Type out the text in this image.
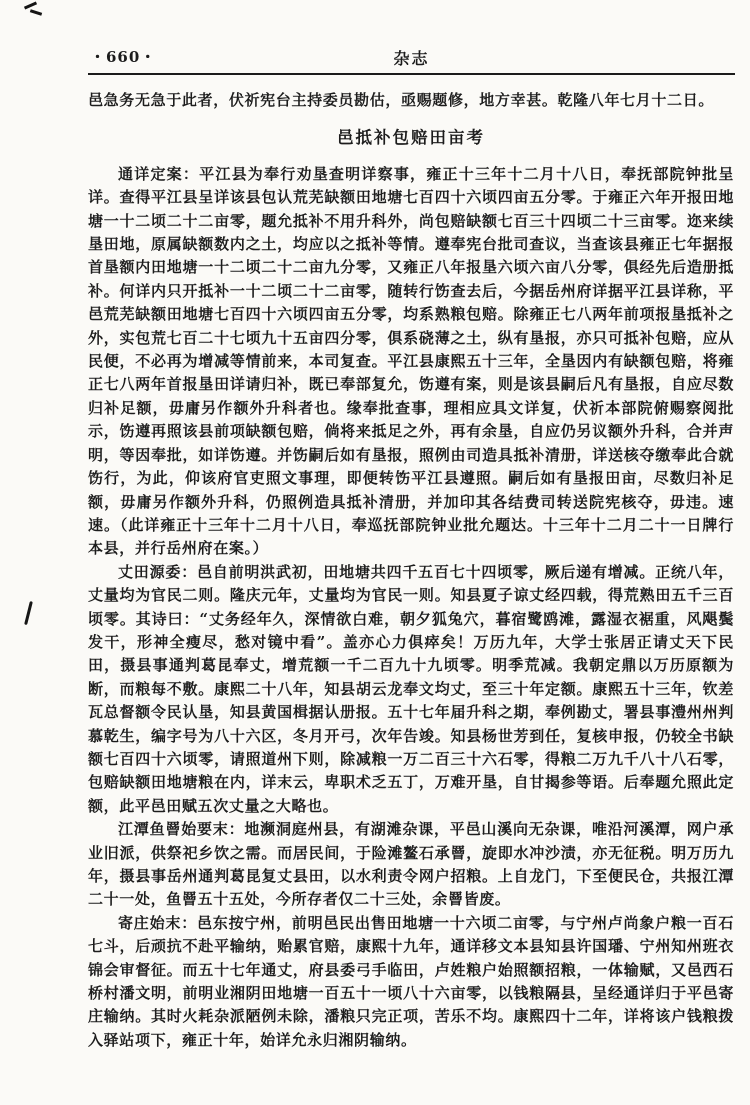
・660・	杂志

邑急务无急于此者，伏祈宪台主持委员勘估，亟赐题修，地方幸甚。乾隆八年七月十二日。

邑抵补包赔田亩考

通详定案：平江县为奉行劝垦查明详察事，雍正十三年十二月十八日，奉抚部院钟批呈详。查得平江县呈详该县包认荒芜缺额田地塘七百四十六顷四亩五分零。于雍正六年开报田地塘一十二顷二十二亩零，题允抵补不用升科外，尚包赔缺额七百三十四顷二十三亩零。迩来续垦田地，原属缺额数内之土，均应以之抵补等情。遵奉宪台批司查议，当查该县雍正七年据报首垦额内田地塘一十二顷二十二亩九分零，又雍正八年报垦六顷六亩八分零，俱经先后造册抵补。何详内只开抵补一十二顷二十二亩零，随转行饬查去后，今据岳州府详据平江县详称，平邑荒芜缺额田地塘七百四十六顷四亩五分零，均系熟粮包赔。除雍正七八两年前项报垦抵补之外，实包荒七百二十七顷九十五亩四分零，俱系硗薄之土，纵有垦报，亦只可抵补包赔，应从民便，不必再为增减等情前来，本司复查。平江县康熙五十三年，全垦因内有缺额包赔，将雍正七八两年首报垦田详请归补，既已奉部复允，饬遵有案，则是该县嗣后凡有垦报，自应尽数归补足额，毋庸另作额外升科者也。缘奉批查事，理相应具文详复，伏祈本部院俯赐察阅批示，饬遵再照该县前项缺额包赔，倘将来抵足之外，再有余垦，自应仍另议额外升科，合并声明，等因奉批，如详饬遵。并饬嗣后如有垦报，照例由司造具抵补清册，详送核夺缴奉此合就饬行，为此，仰该府官吏照文事理，即便转饬平江县遵照。嗣后如有垦报田亩，尽数归补足额，毋庸另作额外升科，仍照例造具抵补清册，并加印其各结费司转送院宪核夺，毋违。速速。（此详雍正十三年十二月十八日，奉巡抚部院钟业批允题达。十三年十二月二十一日牌行本县，并行岳州府在案。）

丈田源委：邑自前明洪武初，田地塘共四千五百七十四顷零，厥后递有增减。正统八年，丈量均为官民二则。隆庆元年，丈量均为官民一则。知县夏子谅丈经四载，得荒熟田五千三百顷零。其诗曰：“丈务经年久，深情欲白难，朝夕狐兔穴，暮宿鹭鸥滩，露湿衣裾重，风飓鬓发干，形神全瘦尽，愁对镜中看”。盖亦心力俱瘁矣！万历九年，大学士张居正请丈天下民田，摄县事通判葛昆奉丈，增荒额一千二百九十九顷零。明季荒减。我朝定鼎以万历原额为断，而粮每不敷。康熙二十八年，知县胡云龙奉文均丈，至三十年定额。康熙五十三年，钦差瓦总督额令民认垦，知县黄国楫据认册报。五十七年届升科之期，奉例勘丈，署县事澧州州判慕乾生，编字号为八十六区，冬月开弓，次年告竣。知县杨世芳到任，复核申报，仍较全书缺额七百四十六顷零，请照道州下则，除减粮一万二百三十六石零，得粮二万九千八十八石零，包赔缺额田地塘粮在内，详末云，卑职术乏五丁，万难开垦，自甘揭参等语。后奉题允照此定额，此平邑田赋五次丈量之大略也。

江潭鱼罾始要末：地濒洞庭州县，有湖滩杂课，平邑山溪向无杂课，唯沿河溪潭，网户承业旧派，供祭祀乡饮之需。而居民间，于险滩鳌石承罾，旋即水冲沙渍，亦无征税。明万历九年，摄县事岳州通判葛昆复丈县田，以水利责令网户招粮。上自龙门，下至便民仓，共报江潭二十一处，鱼罾五十五处，今所存者仅二十三处，余罾皆废。

寄庄始末：邑东按宁州，前明邑民出售田地塘一十六顷二亩零，与宁州卢尚象户粮一百石七斗，后顽抗不赴平输纳，贻累官赔，康熙十九年，通详移文本县知县许国璠、宁州知州班衣锦会审督征。而五十七年通丈，府县委弓手临田，卢姓粮户始照额招粮，一体输赋，又邑西石桥村潘文明，前明业湘阴田地塘一百五十一顷八十六亩零，以钱粮隔县，呈经通详归于平邑寄庄输纳。其时火耗杂派陋例未除，潘粮只完正项，苦乐不均。康熙四十二年，详将该户钱粮拨入驿站项下，雍正十年，始详允永归湘阴输纳。
